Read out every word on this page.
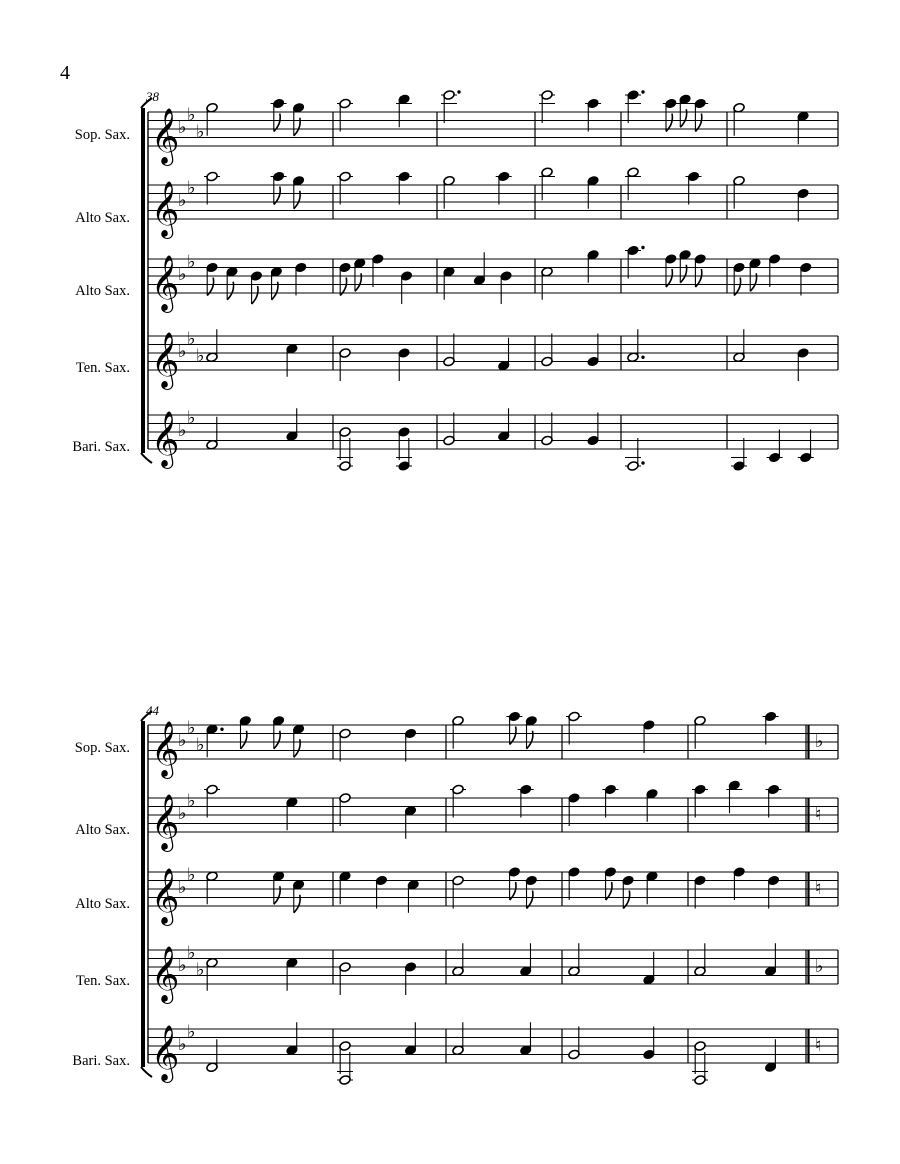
4
38
Sop. Sax.
Alto Sax.
Alto Sax.
Ten. Sax.
Bari. Sax.
44
Sop. Sax.
Alto Sax.
Alto Sax.
Ten. Sax.
Bari. Sax.
𝄞
♭
♭
♭
𝄞
♭
♭
𝄞
♭
♭
𝄞
♭
♭
♭
𝄞
♭
♭
𝄞
♭
♭
♭	♭
𝄞
♭
♭
♮
𝄞
♭
♭
♮
𝄞
♭
♭
♭	♭
𝄞
♭
♭
♮
